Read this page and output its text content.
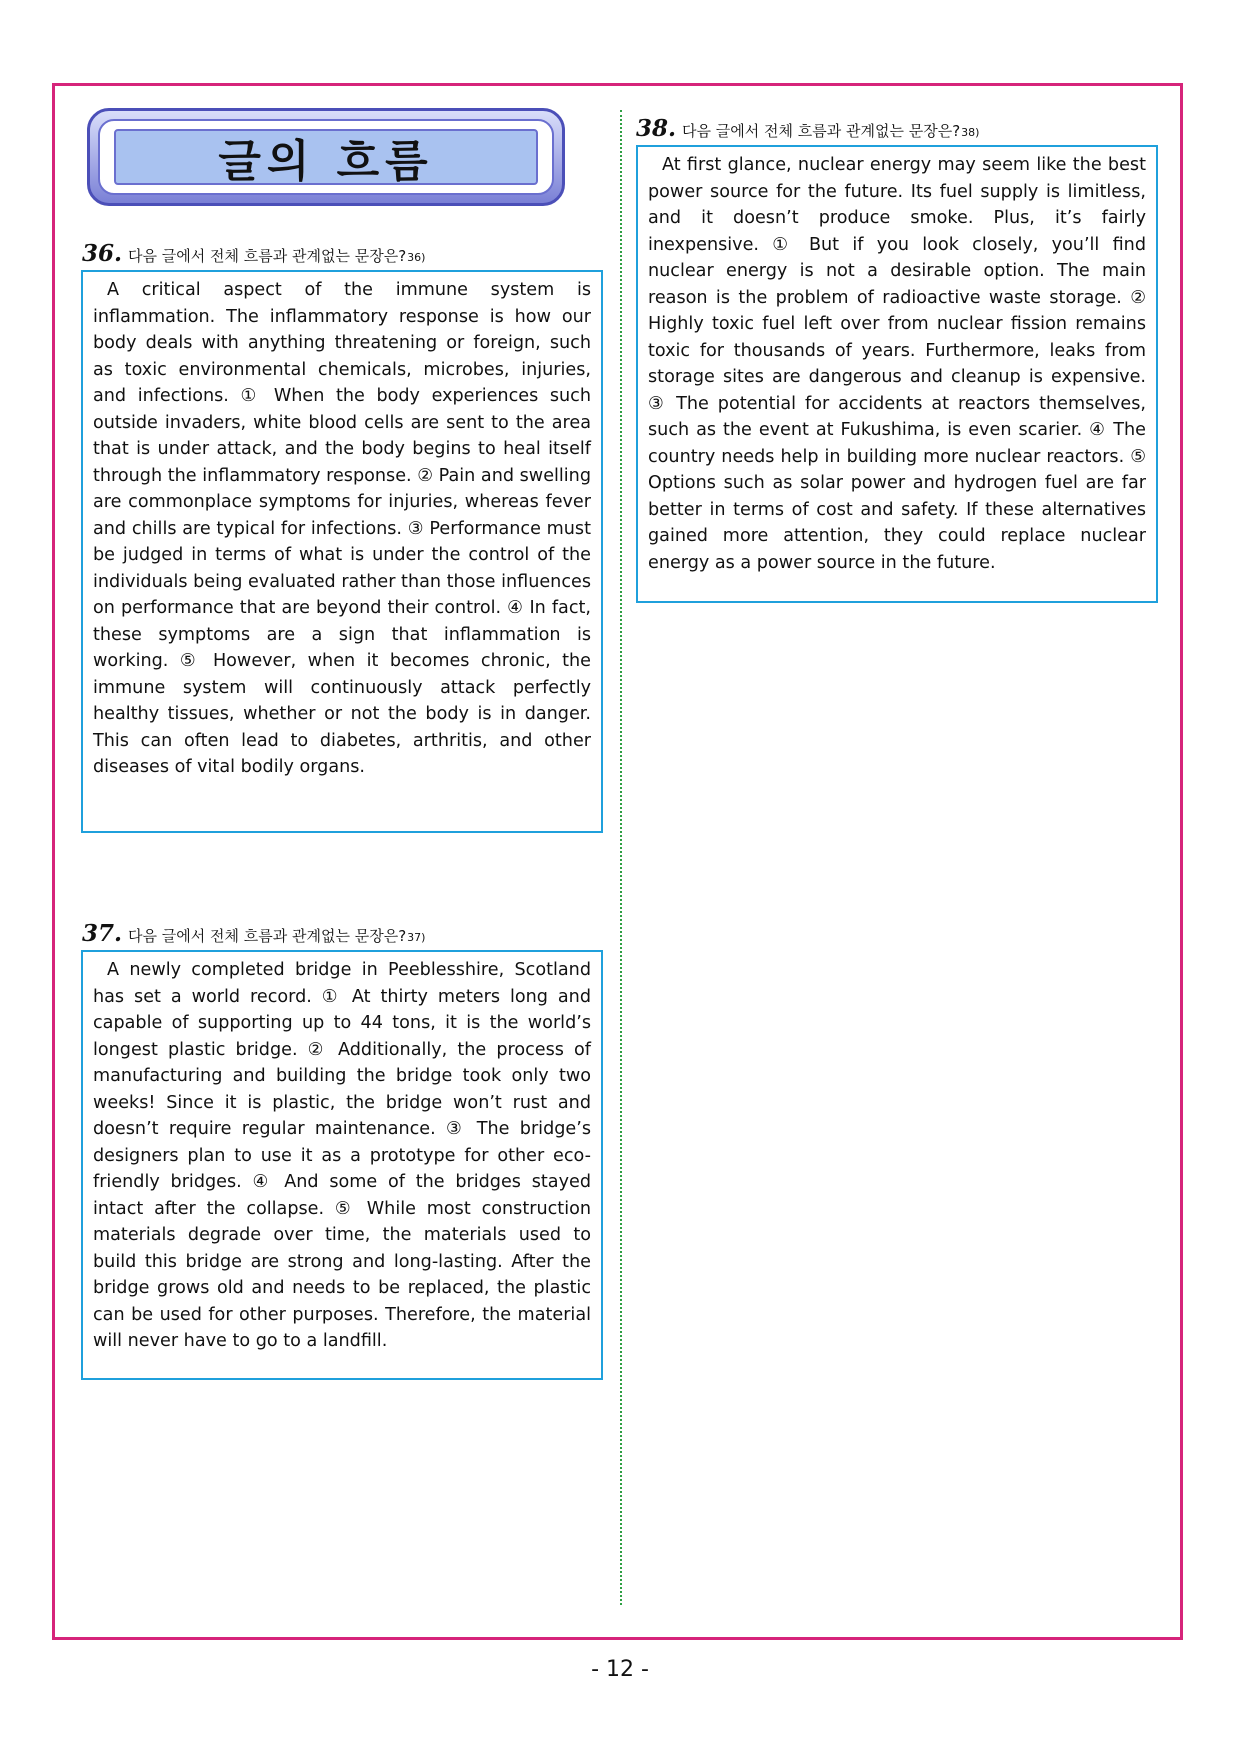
글의 흐름
36. 다음 글에서 전체 흐름과 관계없는 문장은? 36)

A critical aspect of the immune system is inflammation. The inflammatory response is how our body deals with anything threatening or foreign, such as toxic environmental chemicals, microbes, injuries, and infections. ① When the body experiences such outside invaders, white blood cells are sent to the area that is under attack, and the body begins to heal itself through the inflammatory response. ② Pain and swelling are commonplace symptoms for injuries, whereas fever and chills are typical for infections. ③ Performance must be judged in terms of what is under the control of the individuals being evaluated rather than those influences on performance that are beyond their control. ④ In fact, these symptoms are a sign that inflammation is working. ⑤ However, when it becomes chronic, the immune system will continuously attack perfectly healthy tissues, whether or not the body is in danger. This can often lead to diabetes, arthritis, and other diseases of vital bodily organs.

37. 다음 글에서 전체 흐름과 관계없는 문장은? 37)

A newly completed bridge in Peeblesshire, Scotland has set a world record. ① At thirty meters long and capable of supporting up to 44 tons, it is the world’s longest plastic bridge. ② Additionally, the process of manufacturing and building the bridge took only two weeks! Since it is plastic, the bridge won’t rust and doesn’t require regular maintenance. ③ The bridge’s designers plan to use it as a prototype for other eco-friendly bridges. ④ And some of the bridges stayed intact after the collapse. ⑤ While most construction materials degrade over time, the materials used to build this bridge are strong and long-lasting. After the bridge grows old and needs to be replaced, the plastic can be used for other purposes. Therefore, the material will never have to go to a landfill.

38. 다음 글에서 전체 흐름과 관계없는 문장은? 38)

At first glance, nuclear energy may seem like the best power source for the future. Its fuel supply is limitless, and it doesn’t produce smoke. Plus, it’s fairly inexpensive. ① But if you look closely, you’ll find nuclear energy is not a desirable option. The main reason is the problem of radioactive waste storage. ② Highly toxic fuel left over from nuclear fission remains toxic for thousands of years. Furthermore, leaks from storage sites are dangerous and cleanup is expensive. ③ The potential for accidents at reactors themselves, such as the event at Fukushima, is even scarier. ④ The country needs help in building more nuclear reactors. ⑤ Options such as solar power and hydrogen fuel are far better in terms of cost and safety. If these alternatives gained more attention, they could replace nuclear energy as a power source in the future.

- 12 -
